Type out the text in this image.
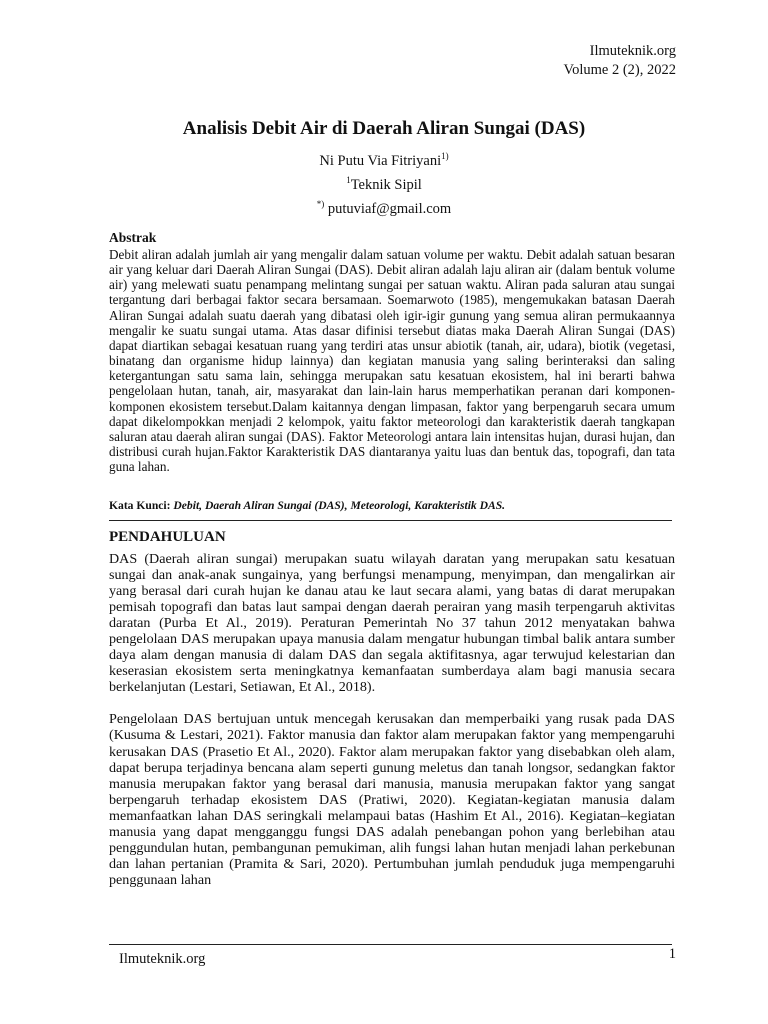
Ilmuteknik.org
Volume 2 (2), 2022
Analisis Debit Air di Daerah Aliran Sungai (DAS)
Ni Putu Via Fitriyani$^{1)}$
$^1$Teknik Sipil
*) putuviaf@gmail.com
Abstrak

Debit aliran adalah jumlah air yang mengalir dalam satuan volume per waktu. Debit adalah satuan besaran air yang keluar dari Daerah Aliran Sungai (DAS). Debit aliran adalah laju aliran air (dalam bentuk volume air) yang melewati suatu penampang melintang sungai per satuan waktu. Aliran pada saluran atau sungai tergantung dari berbagai faktor secara bersamaan. Soemarwoto (1985), mengemukakan batasan Daerah Aliran Sungai adalah suatu daerah yang dibatasi oleh igir-igir gunung yang semua aliran permukaannya mengalir ke suatu sungai utama. Atas dasar difinisi tersebut diatas maka Daerah Aliran Sungai (DAS) dapat diartikan sebagai kesatuan ruang yang terdiri atas unsur abiotik (tanah, air, udara), biotik (vegetasi, binatang dan organisme hidup lainnya) dan kegiatan manusia yang saling berinteraksi dan saling ketergantungan satu sama lain, sehingga merupakan satu kesatuan ekosistem, hal ini berarti bahwa pengelolaan hutan, tanah, air, masyarakat dan lain-lain harus memperhatikan peranan dari komponen-komponen ekosistem tersebut.Dalam kaitannya dengan limpasan, faktor yang berpengaruh secara umum dapat dikelompokkan menjadi 2 kelompok, yaitu faktor meteorologi dan karakteristik daerah tangkapan saluran atau daerah aliran sungai (DAS). Faktor Meteorologi antara lain intensitas hujan, durasi hujan, dan distribusi curah hujan.Faktor Karakteristik DAS diantaranya yaitu luas dan bentuk das, topografi, dan tata guna lahan.

Kata Kunci: Debit, Daerah Aliran Sungai (DAS), Meteorologi, Karakteristik DAS.
PENDAHULUAN

DAS (Daerah aliran sungai) merupakan suatu wilayah daratan yang merupakan satu kesatuan sungai dan anak-anak sungainya, yang berfungsi menampung, menyimpan, dan mengalirkan air yang berasal dari curah hujan ke danau atau ke laut secara alami, yang batas di darat merupakan pemisah topografi dan batas laut sampai dengan daerah perairan yang masih terpengaruh aktivitas daratan (Purba Et Al., 2019). Peraturan Pemerintah No 37 tahun 2012 menyatakan bahwa pengelolaan DAS merupakan upaya manusia dalam mengatur hubungan timbal balik antara sumber daya alam dengan manusia di dalam DAS dan segala aktifitasnya, agar terwujud kelestarian dan keserasian ekosistem serta meningkatnya kemanfaatan sumberdaya alam bagi manusia secara berkelanjutan (Lestari, Setiawan, Et Al., 2018).

Pengelolaan DAS bertujuan untuk mencegah kerusakan dan memperbaiki yang rusak pada DAS (Kusuma & Lestari, 2021). Faktor manusia dan faktor alam merupakan faktor yang mempengaruhi kerusakan DAS (Prasetio Et Al., 2020). Faktor alam merupakan faktor yang disebabkan oleh alam, dapat berupa terjadinya bencana alam seperti gunung meletus dan tanah longsor, sedangkan faktor manusia merupakan faktor yang berasal dari manusia, manusia merupakan faktor yang sangat berpengaruh terhadap ekosistem DAS (Pratiwi, 2020). Kegiatan-kegiatan manusia dalam memanfaatkan lahan DAS seringkali melampaui batas (Hashim Et Al., 2016). Kegiatan–kegiatan manusia yang dapat mengganggu fungsi DAS adalah penebangan pohon yang berlebihan atau penggundulan hutan, pembangunan pemukiman, alih fungsi lahan hutan menjadi lahan perkebunan dan lahan pertanian (Pramita & Sari, 2020). Pertumbuhan jumlah penduduk juga mempengaruhi penggunaan lahan

Ilmuteknik.org	1
